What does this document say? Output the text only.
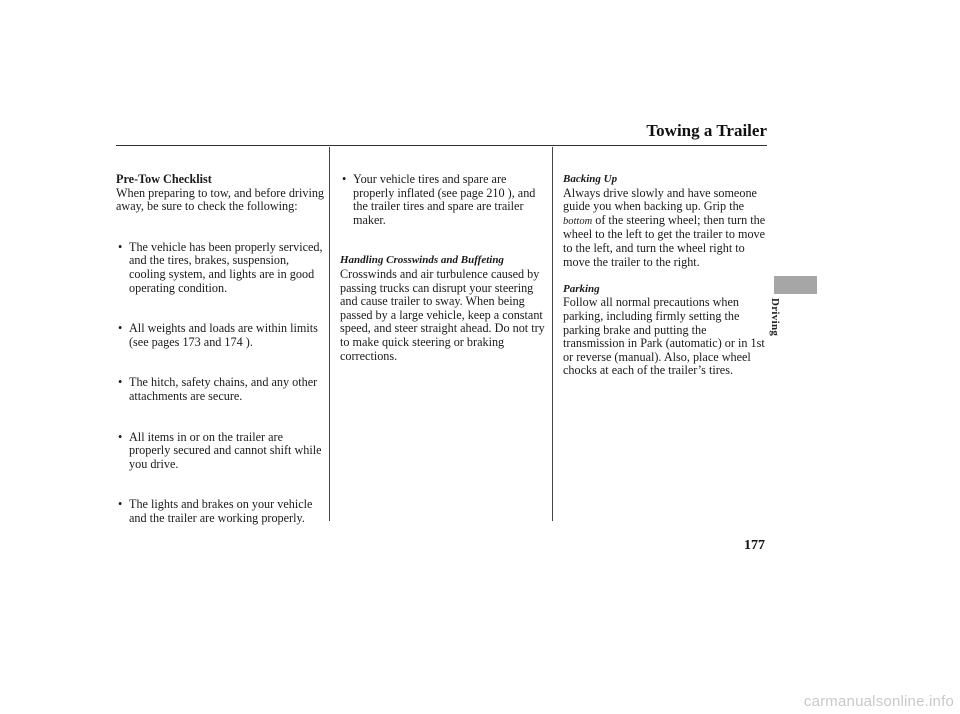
Towing a Trailer
Driving
Pre-Tow Checklist

When preparing to tow, and before driving away, be sure to check the following:

• The vehicle has been properly serviced, and the tires, brakes, suspension, cooling system, and lights are in good operating condition.
• All weights and loads are within limits (see pages 173 and 174 ).
• The hitch, safety chains, and any other attachments are secure.
• All items in or on the trailer are properly secured and cannot shift while you drive.
• The lights and brakes on your vehicle and the trailer are working properly.
• Your vehicle tires and spare are properly inflated (see page 210 ), and the trailer tires and spare are trailer maker.
Handling Crosswinds and Buffeting

Crosswinds and air turbulence caused by passing trucks can disrupt your steering and cause trailer to sway. When being passed by a large vehicle, keep a constant speed, and steer straight ahead. Do not try to make quick steering or braking corrections.

Backing Up

Always drive slowly and have someone guide you when backing up. Grip the bottom of the steering wheel; then turn the wheel to the left to get the trailer to move to the left, and turn the wheel right to move the trailer to the right.

Parking

Follow all normal precautions when parking, including firmly setting the parking brake and putting the transmission in Park (automatic) or in 1st or reverse (manual). Also, place wheel chocks at each of the trailer’s tires.

177
carmanualsonline.info
